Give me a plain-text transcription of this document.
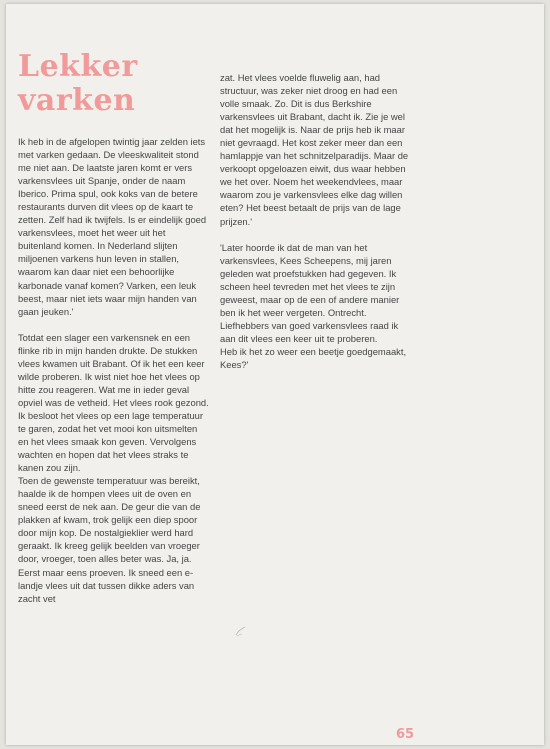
Lekker
varken

Ik heb in de afgelopen twintig jaar zelden iets met varken gedaan. De vleeskwaliteit stond me niet aan. De laatste jaren komt er vers varkensvlees uit Spanje, onder de naam Iberico. Prima spul, ook koks van de betere restaurants durven dit vlees op de kaart te zetten. Zelf had ik twijfels. Is er eindelijk goed varkensvlees, moet het weer uit het buitenland komen. In Nederland slijten miljoenen varkens hun leven in stallen, waarom kan daar niet een behoorlijke karbonade vanaf komen? Varken, een leuk beest, maar niet iets waar mijn handen van gaan jeuken.'

Totdat een slager een varkensnek en een flinke rib in mijn handen drukte. De stukken vlees kwamen uit Brabant. Of ik het een keer wilde proberen. Ik wist niet hoe het vlees op hitte zou reageren. Wat me in ieder geval opviel was de vetheid. Het vlees rook gezond. Ik besloot het vlees op een lage temperatuur te garen, zodat het vet mooi kon uitsmelten en het vlees smaak kon geven. Vervolgens wachten en hopen dat het vlees straks te kanen zou zijn.

Toen de gewenste temperatuur was bereikt, haalde ik de hompen vlees uit de oven en sneed eerst de nek aan. De geur die van de plakken af kwam, trok gelijk een diep spoor door mijn kop. De nostalgieklier werd hard geraakt. Ik kreeg gelijk beelden van vroeger door, vroeger, toen alles beter was. Ja, ja. Eerst maar eens proeven. Ik sneed een e-landje vlees uit dat tussen dikke aders van zacht vet

zat. Het vlees voelde fluwelig aan, had structuur, was zeker niet droog en had een volle smaak. Zo. Dit is dus Berkshire varkensvlees uit Brabant, dacht ik. Zie je wel dat het mogelijk is. Naar de prijs heb ik maar niet gevraagd. Het kost zeker meer dan een hamlappje van het schnitzelparadijs. Maar de verkoopt opgeloazen eiwit, dus waar hebben we het over. Noem het weekendvlees, maar waarom zou je varkensvlees elke dag willen eten? Het beest betaalt de prijs van de lage prijzen.'

'Later hoorde ik dat de man van het varkensvlees, Kees Scheepens, mij jaren geleden wat proefstukken had gegeven. Ik scheen heel tevreden met het vlees te zijn geweest, maar op de een of andere manier ben ik het weer vergeten. Ontrecht. Liefhebbers van goed varkensvlees raad ik aan dit vlees een keer uit te proberen.

Heb ik het zo weer een beetje goedgemaakt, Kees?'

65
